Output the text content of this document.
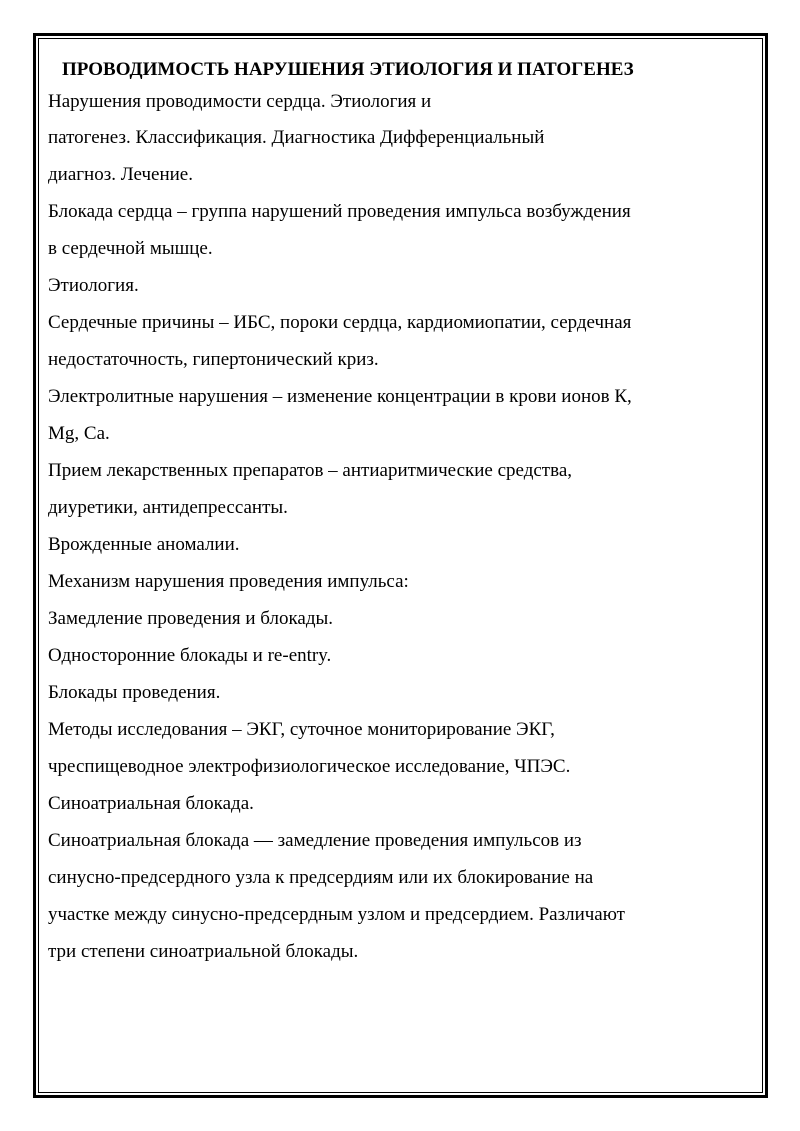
ПРОВОДИМОСТЬ НАРУШЕНИЯ ЭТИОЛОГИЯ И ПАТОГЕНЕЗ

Нарушения проводимости сердца. Этиология и

патогенез. Классификация. Диагностика Дифференциальный

диагноз. Лечение.

Блокада сердца – группа нарушений проведения импульса возбуждения

в сердечной мышце.

Этиология.

Сердечные причины – ИБС, пороки сердца, кардиомиопатии, сердечная

недостаточность, гипертонический криз.

Электролитные нарушения – изменение концентрации в крови ионов К,

Mg, Ca.

Прием лекарственных препаратов – антиаритмические средства,

диуретики, антидепрессанты.

Врожденные аномалии.

Механизм нарушения проведения импульса:

Замедление проведения и блокады.

Односторонние блокады и re-entry.

Блокады проведения.

Методы исследования – ЭКГ, суточное мониторирование ЭКГ,

чреспищеводное электрофизиологическое исследование, ЧПЭС.

Синоатриальная блокада.

Синоатриальная блокада — замедление проведения импульсов из

синусно-предсердного узла к предсердиям или их блокирование на

участке между синусно-предсердным узлом и предсердием. Различают

три степени синоатриальной блокады.
